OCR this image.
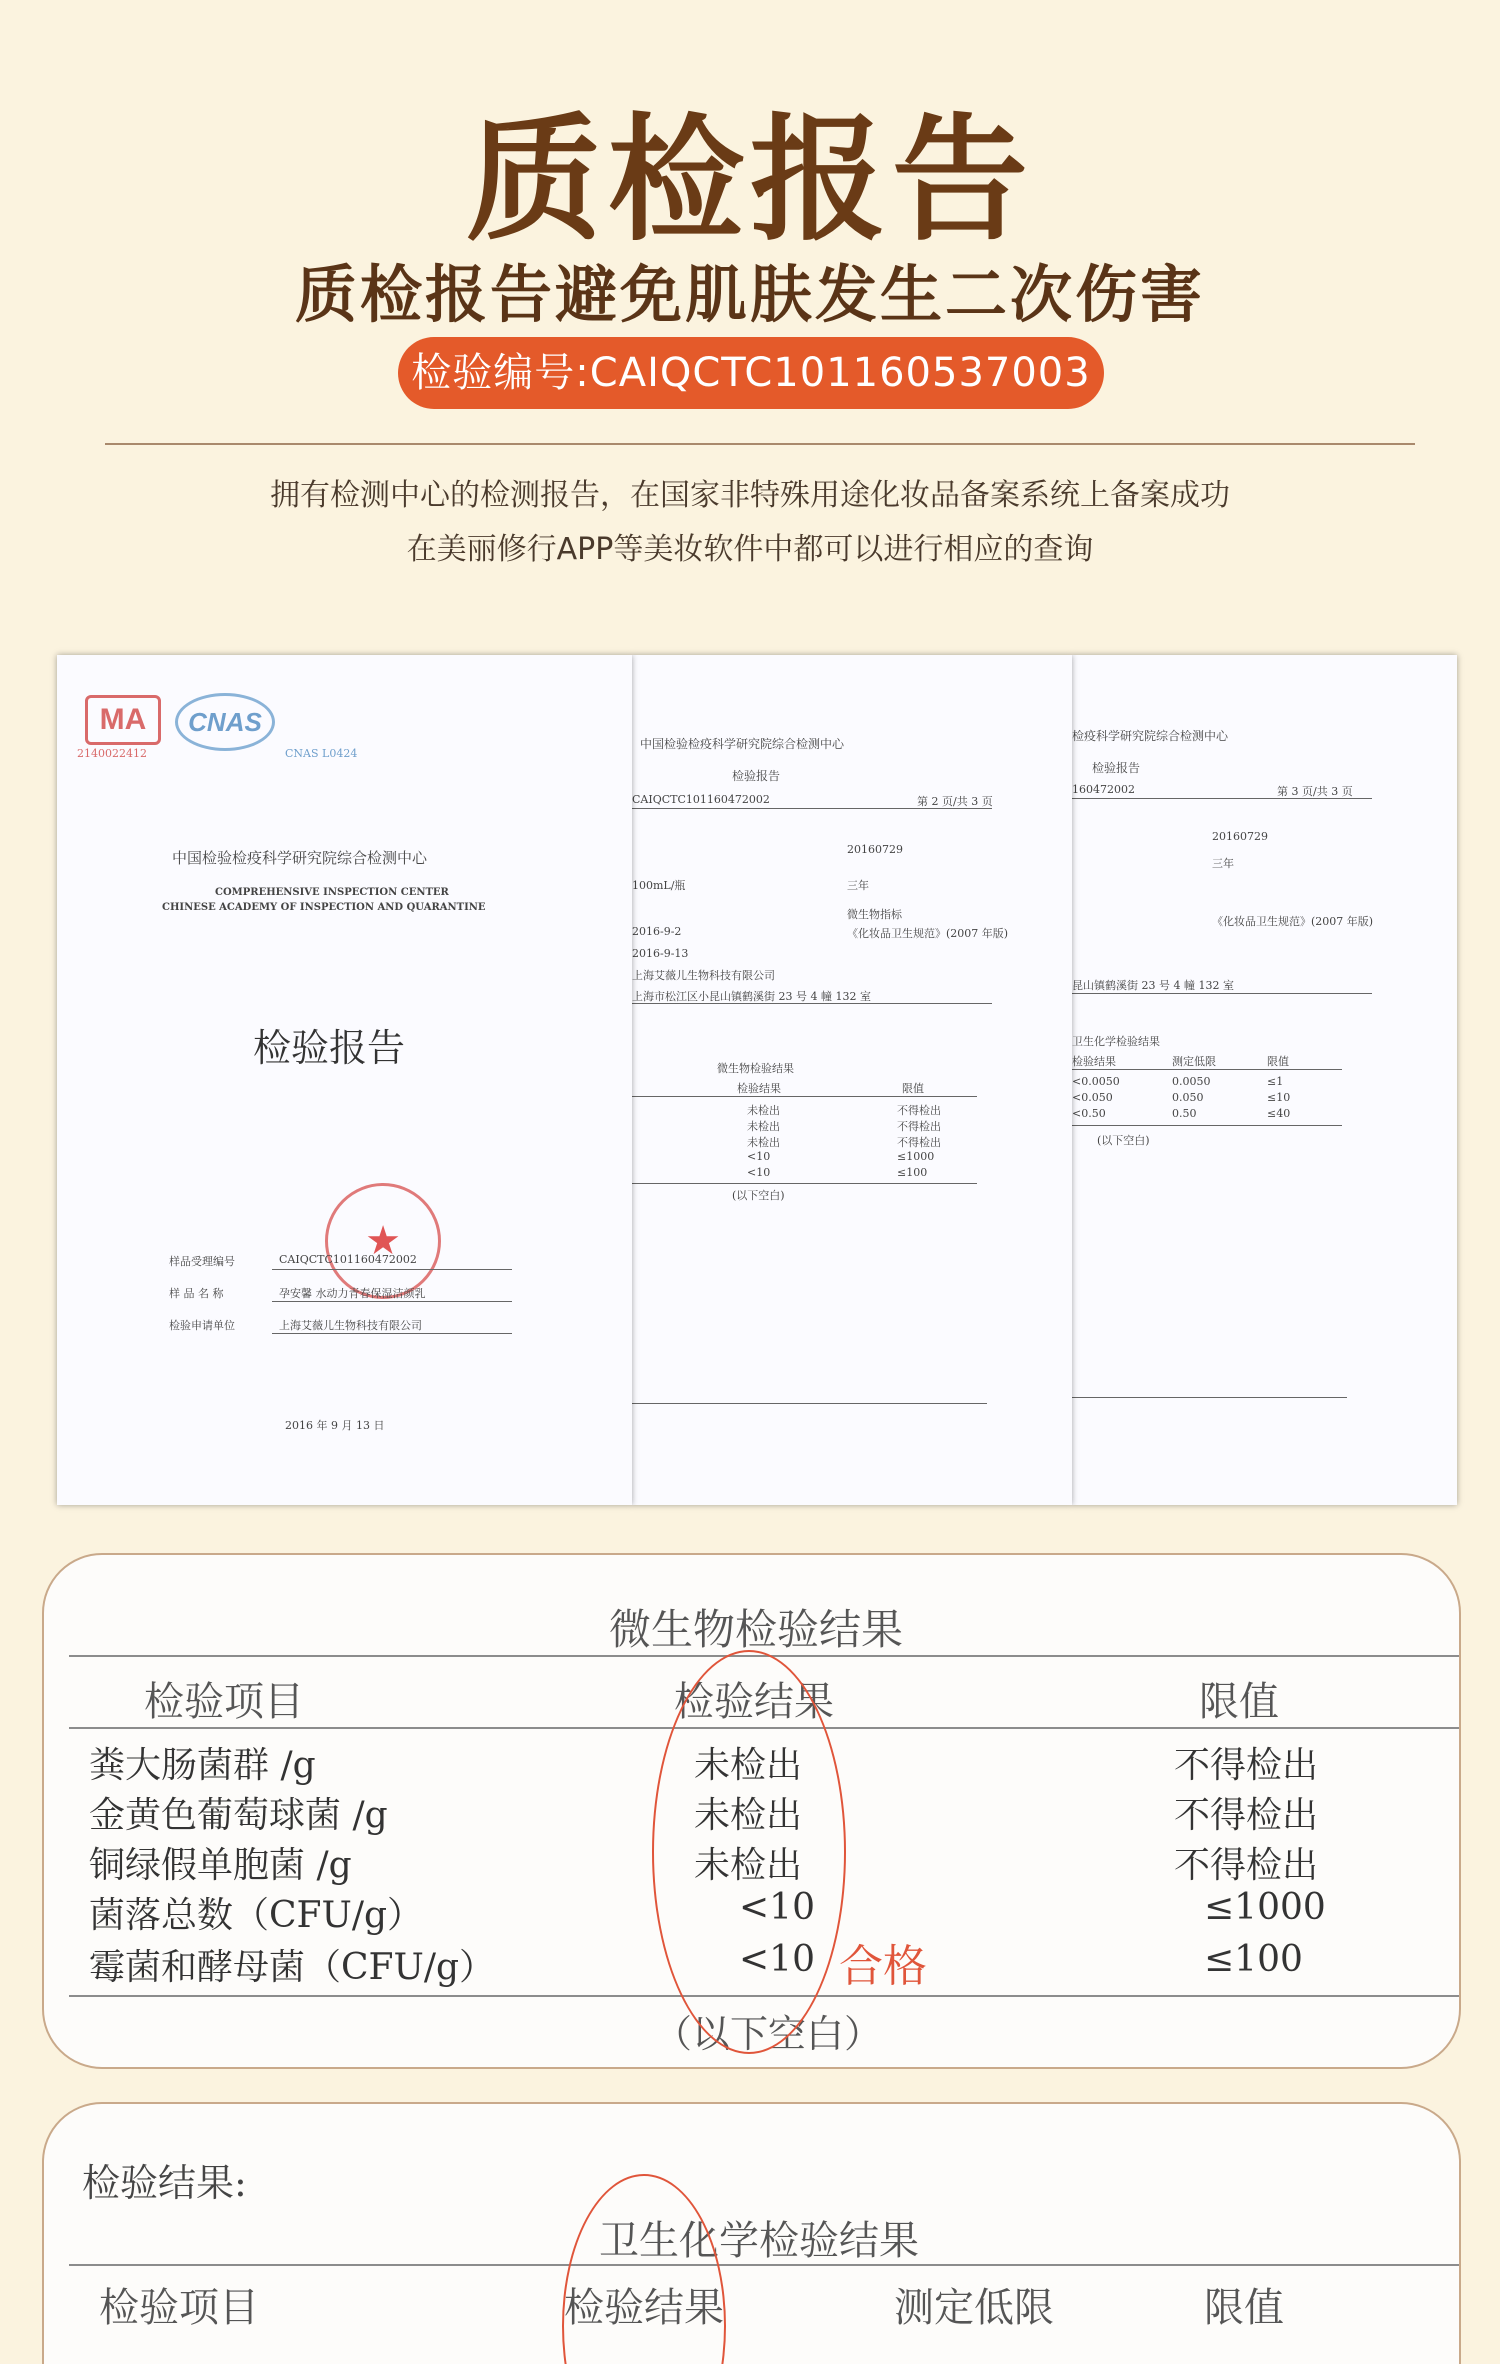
质检报告
质检报告避免肌肤发生二次伤害
检验编号:CAIQCTC101160537003
拥有检测中心的检测报告，在国家非特殊用途化妆品备案系统上备案成功
在美丽修行APP等美妆软件中都可以进行相应的查询
检疫科学研究院综合检测中心
检验报告
160472002	第 3 页/共 3 页
20160729
三年
《化妆品卫生规范》(2007 年版)
昆山镇鹤溪街 23 号 4 幢 132 室
卫生化学检验结果
检验结果	测定低限	限值
<0.0050	0.0050	≤1
<0.050	0.050	≤10
<0.50	0.50	≤40
(以下空白)
中国检验检疫科学研究院综合检测中心
检验报告
CAIQCTC101160472002	第 2 页/共 3 页
20160729
三年
100mL/瓶
微生物指标
《化妆品卫生规范》(2007 年版)
2016-9-2
2016-9-13
上海艾薇儿生物科技有限公司
上海市松江区小昆山镇鹤溪街 23 号 4 幢 132 室
微生物检验结果
检验结果	限值
未检出	不得检出
未检出	不得检出
未检出	不得检出
<10	≤1000
<10	≤100
(以下空白)
MA
2140022412
CNAS
CNAS L0424
中国检验检疫科学研究院综合检测中心
COMPREHENSIVE INSPECTION CENTER
CHINESE ACADEMY OF INSPECTION AND QUARANTINE
检验报告
★
样品受理编号	CAIQCTC101160472002
样 品 名 称	孕安馨 水动力青春保湿洁颜乳
检验申请单位	上海艾薇儿生物科技有限公司
2016 年 9 月 13 日
微生物检验结果
检验项目	检验结果	限值
粪大肠菌群 /g	未检出	不得检出
金黄色葡萄球菌 /g	未检出	不得检出
铜绿假单胞菌 /g	未检出	不得检出
菌落总数（CFU/g）	<10	≤1000
霉菌和酵母菌（CFU/g）	<10	≤100
（以下空白）
合格
检验结果:
卫生化学检验结果
检验项目	检验结果	测定低限	限值
